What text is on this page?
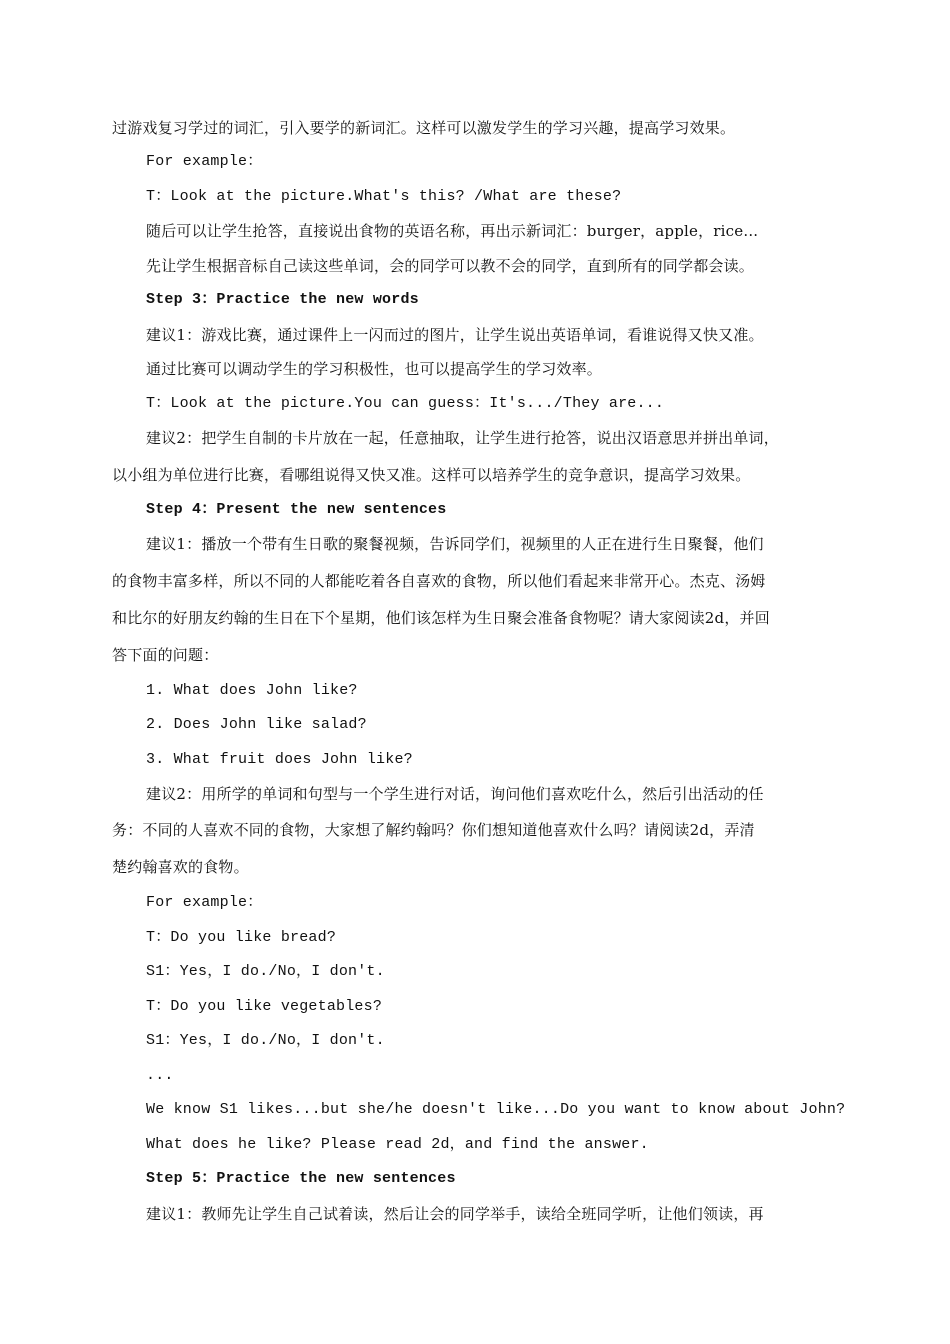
过游戏复习学过的词汇，引入要学的新词汇。这样可以激发学生的学习兴趣，提高学习效果。
For example：
T：Look at the picture.What's this? /What are these?
随后可以让学生抢答，直接说出食物的英语名称，再出示新词汇：burger，apple，rice...
先让学生根据音标自己读这些单词，会的同学可以教不会的同学，直到所有的同学都会读。
Step 3：Practice the new words
建议1：游戏比赛，通过课件上一闪而过的图片，让学生说出英语单词，看谁说得又快又准。
通过比赛可以调动学生的学习积极性，也可以提高学生的学习效率。
T：Look at the picture.You can guess：It's.../They are...
建议2：把学生自制的卡片放在一起，任意抽取，让学生进行抢答，说出汉语意思并拼出单词，
以小组为单位进行比赛，看哪组说得又快又准。这样可以培养学生的竞争意识，提高学习效果。
Step 4：Present the new sentences
建议1：播放一个带有生日歌的聚餐视频，告诉同学们，视频里的人正在进行生日聚餐，他们
的食物丰富多样，所以不同的人都能吃着各自喜欢的食物，所以他们看起来非常开心。杰克、汤姆
和比尔的好朋友约翰的生日在下个星期，他们该怎样为生日聚会准备食物呢？请大家阅读2d，并回
答下面的问题：
1. What does John like?
2. Does John like salad?
3. What fruit does John like?
建议2：用所学的单词和句型与一个学生进行对话，询问他们喜欢吃什么，然后引出活动的任
务：不同的人喜欢不同的食物，大家想了解约翰吗？你们想知道他喜欢什么吗？请阅读2d，弄清
楚约翰喜欢的食物。
For example：
T：Do you like bread?
S1：Yes，I do./No，I don't.
T：Do you like vegetables?
S1：Yes，I do./No，I don't.
...
We know S1 likes...but she/he doesn't like...Do you want to know about John?
What does he like? Please read 2d，and find the answer.
Step 5：Practice the new sentences
建议1：教师先让学生自己试着读，然后让会的同学举手，读给全班同学听，让他们领读，再
